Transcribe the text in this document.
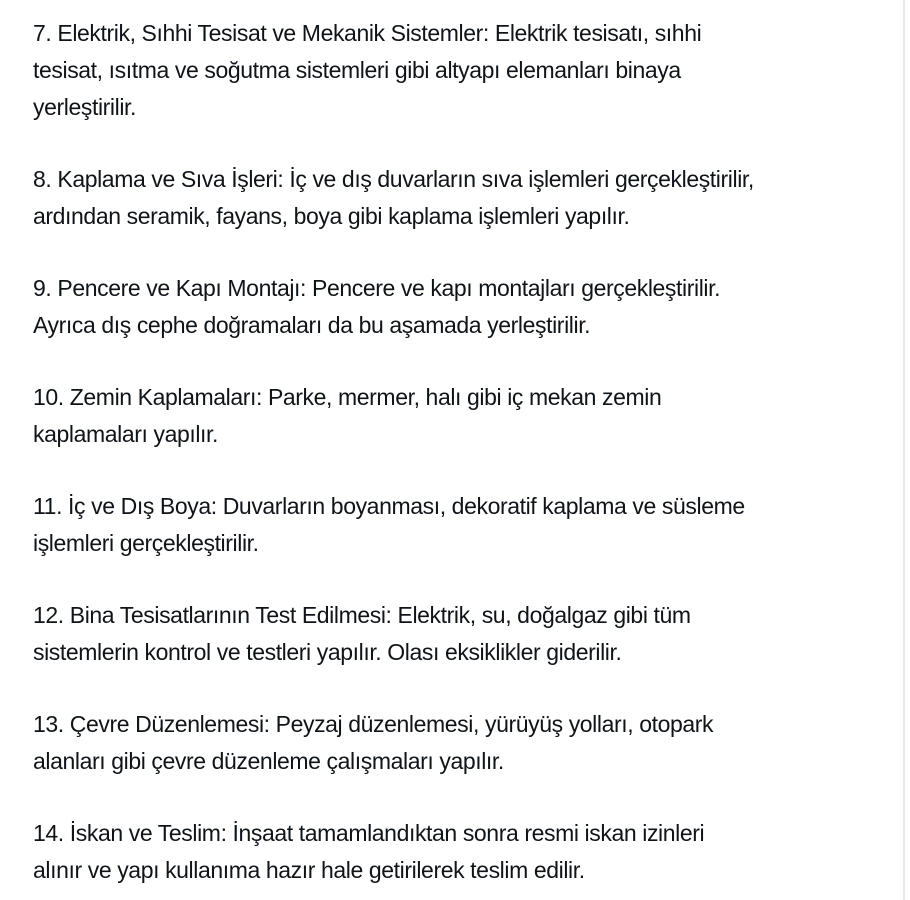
7. Elektrik, Sıhhi Tesisat ve Mekanik Sistemler: Elektrik tesisatı, sıhhi
tesisat, ısıtma ve soğutma sistemleri gibi altyapı elemanları binaya
yerleştirilir.
8. Kaplama ve Sıva İşleri: İç ve dış duvarların sıva işlemleri gerçekleştirilir,
ardından seramik, fayans, boya gibi kaplama işlemleri yapılır.
9. Pencere ve Kapı Montajı: Pencere ve kapı montajları gerçekleştirilir.
Ayrıca dış cephe doğramaları da bu aşamada yerleştirilir.
10. Zemin Kaplamaları: Parke, mermer, halı gibi iç mekan zemin
kaplamaları yapılır.
11. İç ve Dış Boya: Duvarların boyanması, dekoratif kaplama ve süsleme
işlemleri gerçekleştirilir.
12. Bina Tesisatlarının Test Edilmesi: Elektrik, su, doğalgaz gibi tüm
sistemlerin kontrol ve testleri yapılır. Olası eksiklikler giderilir.
13. Çevre Düzenlemesi: Peyzaj düzenlemesi, yürüyüş yolları, otopark
alanları gibi çevre düzenleme çalışmaları yapılır.
14. İskan ve Teslim: İnşaat tamamlandıktan sonra resmi iskan izinleri
alınır ve yapı kullanıma hazır hale getirilerek teslim edilir.
